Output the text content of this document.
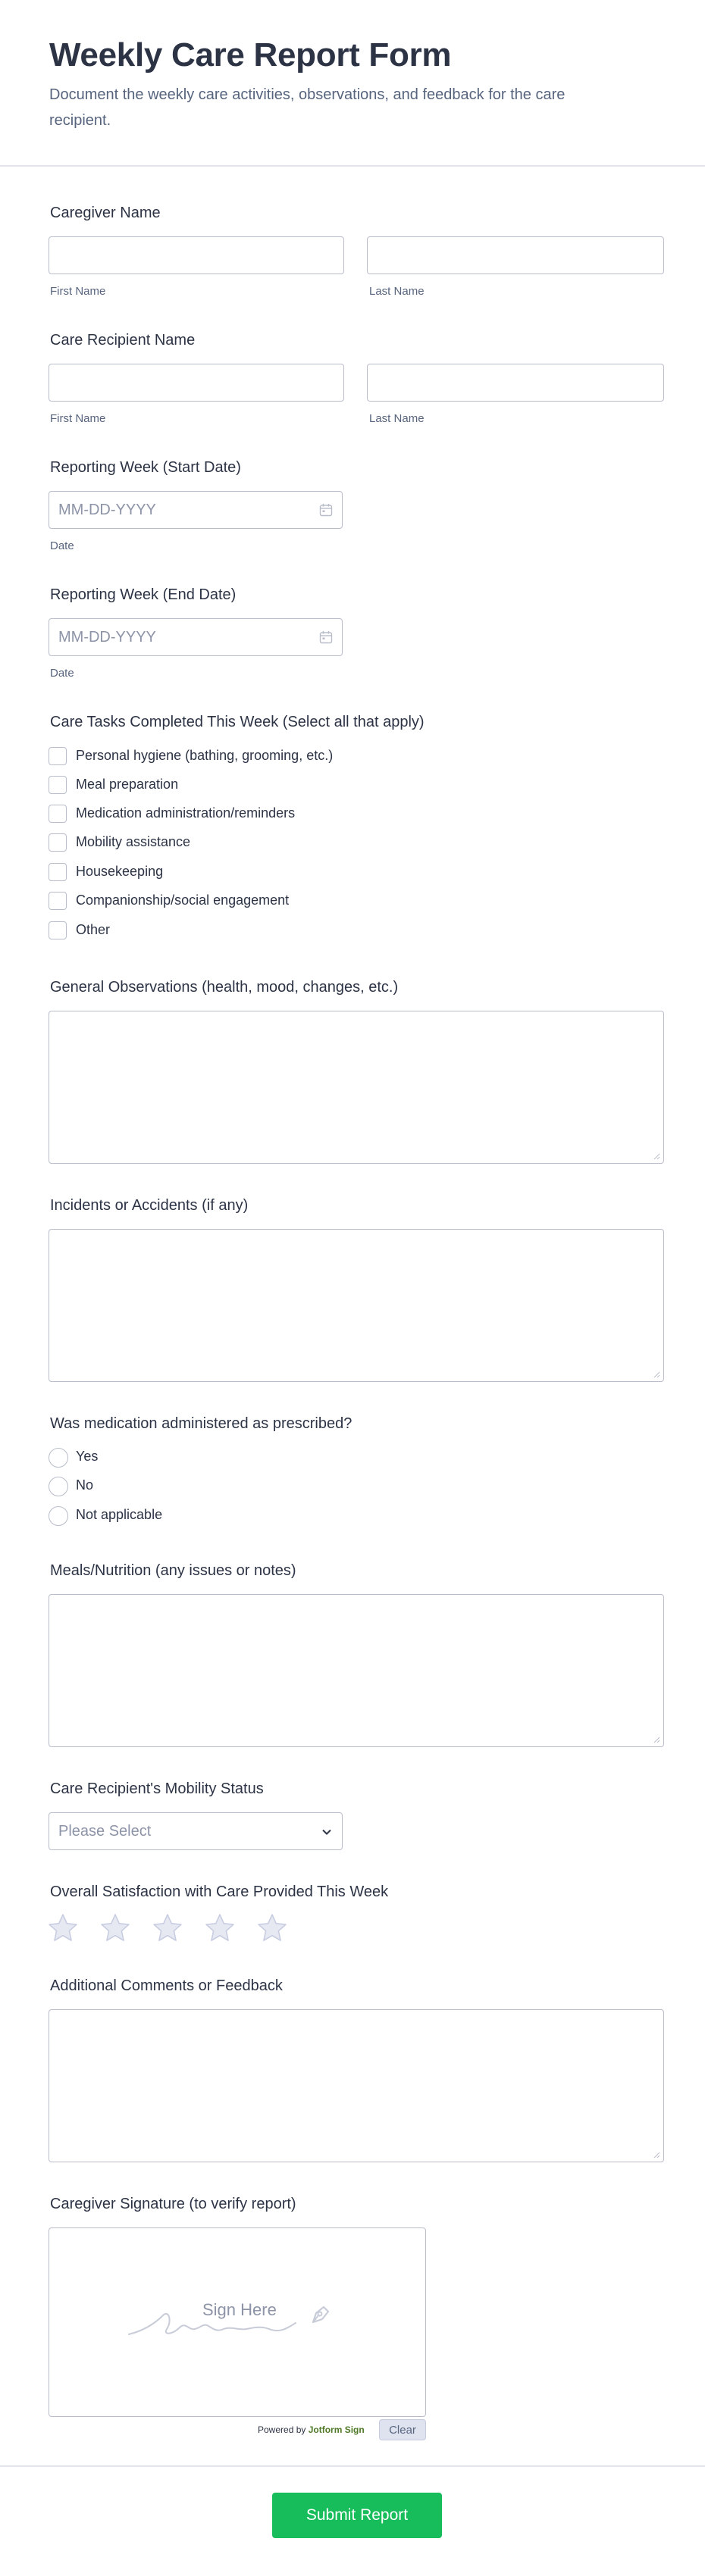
Weekly Care Report Form

Document the weekly care activities, observations, and feedback for the care recipient.

Caregiver Name
First Name	Last Name
Care Recipient Name
First Name	Last Name
Reporting Week (Start Date)
MM-DD-YYYY
Date
Reporting Week (End Date)
MM-DD-YYYY
Date
Care Tasks Completed This Week (Select all that apply)
Personal hygiene (bathing, grooming, etc.)
Meal preparation
Medication administration/reminders
Mobility assistance
Housekeeping
Companionship/social engagement
Other
General Observations (health, mood, changes, etc.)
Incidents or Accidents (if any)
Was medication administered as prescribed?
Yes
No
Not applicable
Meals/Nutrition (any issues or notes)
Care Recipient's Mobility Status
Please Select
Overall Satisfaction with Care Provided This Week
Additional Comments or Feedback
Caregiver Signature (to verify report)
Sign Here
Powered by Jotform Sign	Clear
Submit Report
